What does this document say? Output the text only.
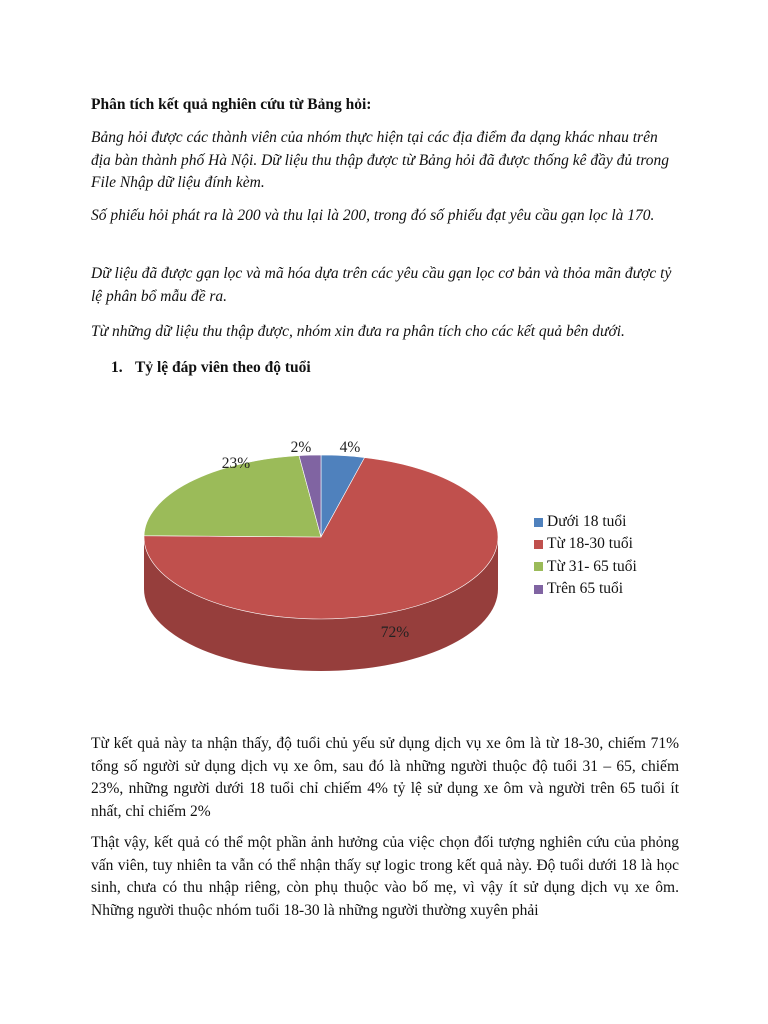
Phân tích kết quả nghiên cứu từ Bảng hỏi:

Bảng hỏi được các thành viên của nhóm thực hiện tại các địa điểm đa dạng khác nhau trên địa bàn thành phố Hà Nội. Dữ liệu thu thập được từ Bảng hỏi đã được thống kê đầy đủ trong File Nhập dữ liệu đính kèm.

Số phiếu hỏi phát ra là 200 và thu lại là 200, trong đó số phiếu đạt yêu cầu gạn lọc là 170.

Dữ liệu đã được gạn lọc và mã hóa dựa trên các yêu cầu gạn lọc cơ bản và thỏa mãn được tỷ lệ phân bổ mẫu đề ra.

Từ những dữ liệu thu thập được, nhóm xin đưa ra phân tích cho các kết quả bên dưới.

1. Tỷ lệ đáp viên theo độ tuổi

Từ kết quả này ta nhận thấy, độ tuổi chủ yếu sử dụng dịch vụ xe ôm là từ 18-30, chiếm 71% tổng số người sử dụng dịch vụ xe ôm, sau đó là những người thuộc độ tuổi 31 – 65, chiếm 23%, những người dưới 18 tuổi chỉ chiếm 4% tỷ lệ sử dụng xe ôm và người trên 65 tuổi ít nhất, chỉ chiếm 2%

Thật vậy, kết quả có thể một phần ảnh hưởng của việc chọn đối tượng nghiên cứu của phỏng vấn viên, tuy nhiên ta vẫn có thể nhận thấy sự logic trong kết quả này. Độ tuổi dưới 18 là học sinh, chưa có thu nhập riêng, còn phụ thuộc vào bố mẹ, vì vậy ít sử dụng dịch vụ xe ôm. Những người thuộc nhóm tuổi 18-30 là những người thường xuyên phải

4%
72%
23%
2%
Dưới 18 tuổi
Từ 18-30 tuổi
Từ 31- 65 tuổi
Trên 65 tuổi
